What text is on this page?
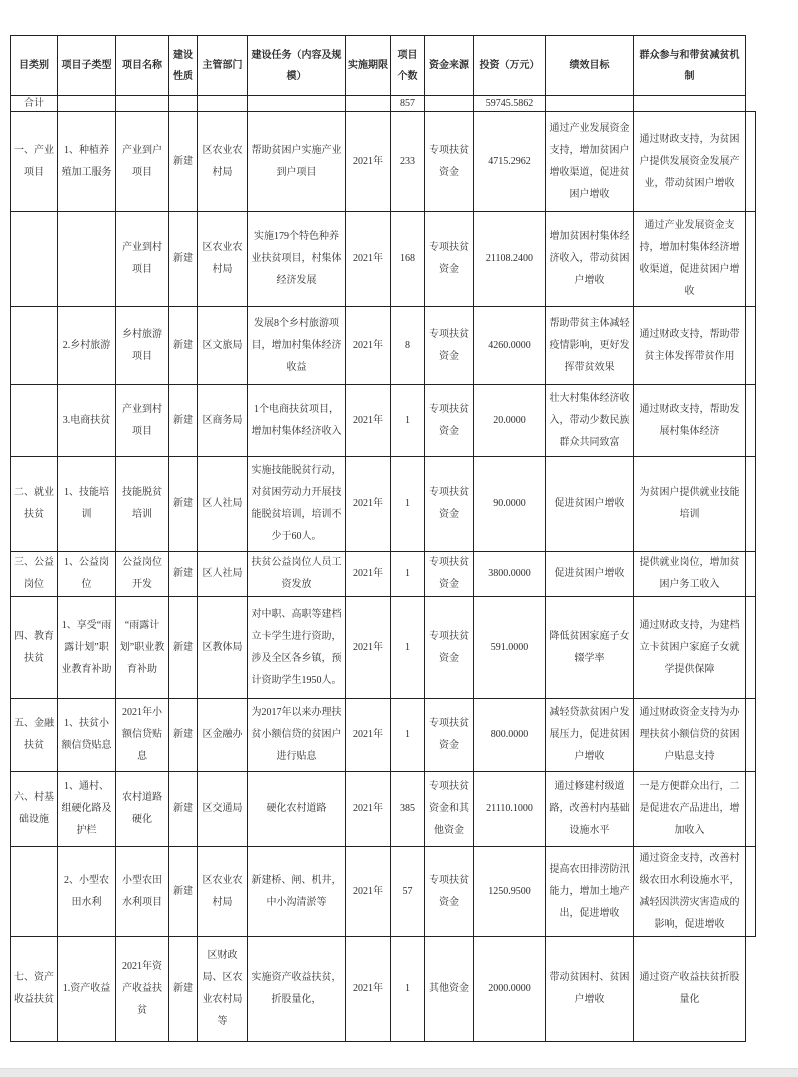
目类别	项目子类型	项目名称	建设性质	主管部门	建设任务（内容及规模）	实施期限	项目个数	资金来源	投资（万元）	绩效目标	群众参与和带贫减贫机制	
合计							857		59745.5862			
一、产业项目	1、种植养殖加工服务	产业到户项目	新建	区农业农村局	帮助贫困户实施产业到户项目	2021年	233	专项扶贫资金	4715.2962	通过产业发展资金支持，增加贫困户增收渠道，促进贫困户增收	通过财政支持，为贫困户提供发展资金发展产业，带动贫困户增收	
		产业到村项目	新建	区农业农村局	实施179个特色种养业扶贫项目，村集体经济发展	2021年	168	专项扶贫资金	21108.2400	增加贫困村集体经济收入，带动贫困户增收	通过产业发展资金支持，增加村集体经济增收渠道，促进贫困户增收	
	2.乡村旅游	乡村旅游项目	新建	区文旅局	发展8个乡村旅游项目，增加村集体经济收益	2021年	8	专项扶贫资金	4260.0000	帮助带贫主体减轻疫情影响，更好发挥带贫效果	通过财政支持，帮助带贫主体发挥带贫作用	
	3.电商扶贫	产业到村项目	新建	区商务局	1个电商扶贫项目，增加村集体经济收入	2021年	1	专项扶贫资金	20.0000	壮大村集体经济收入，带动少数民族群众共同致富	通过财政支持，帮助发展村集体经济	
二、就业扶贫	1、技能培训	技能脱贫培训	新建	区人社局	实施技能脱贫行动，对贫困劳动力开展技能脱贫培训，培训不少于60人。	2021年	1	专项扶贫资金	90.0000	促进贫困户增收	为贫困户提供就业技能培训	
三、公益岗位	1、公益岗位	公益岗位开发	新建	区人社局	扶贫公益岗位人员工资发放	2021年	1	专项扶贫资金	3800.0000	促进贫困户增收	提供就业岗位，增加贫困户务工收入	
四、教育扶贫	1、享受“雨露计划”职业教育补助	“雨露计划”职业教育补助	新建	区教体局	对中职、高职等建档立卡学生进行资助，涉及全区各乡镇，预计资助学生1950人。	2021年	1	专项扶贫资金	591.0000	降低贫困家庭子女辍学率	通过财政支持，为建档立卡贫困户家庭子女就学提供保障	
五、金融扶贫	1、扶贫小额信贷贴息	2021年小额信贷贴息	新建	区金融办	为2017年以来办理扶贫小额信贷的贫困户进行贴息	2021年	1	专项扶贫资金	800.0000	减轻贷款贫困户发展压力，促进贫困户增收	通过财政资金支持为办理扶贫小额信贷的贫困户贴息支持	
六、村基础设施	1、通村、组硬化路及护栏	农村道路硬化	新建	区交通局	硬化农村道路	2021年	385	专项扶贫资金和其他资金	21110.1000	通过修建村级道路，改善村内基础设施水平	一是方便群众出行，二是促进农产品进出，增加收入	
	2、小型农田水利	小型农田水利项目	新建	区农业农村局	新建桥、闸、机井，中小沟清淤等	2021年	57	专项扶贫资金	1250.9500	提高农田排涝防汛能力，增加土地产出，促进增收	通过资金支持，改善村级农田水利设施水平，减轻因洪涝灾害造成的影响，促进增收	
七、资产收益扶贫	1.资产收益	2021年资产收益扶贫	新建	区财政局、区农业农村局等	实施资产收益扶贫，折股量化，	2021年	1	其他资金	2000.0000	带动贫困村、贫困户增收	通过资产收益扶贫折股量化	
